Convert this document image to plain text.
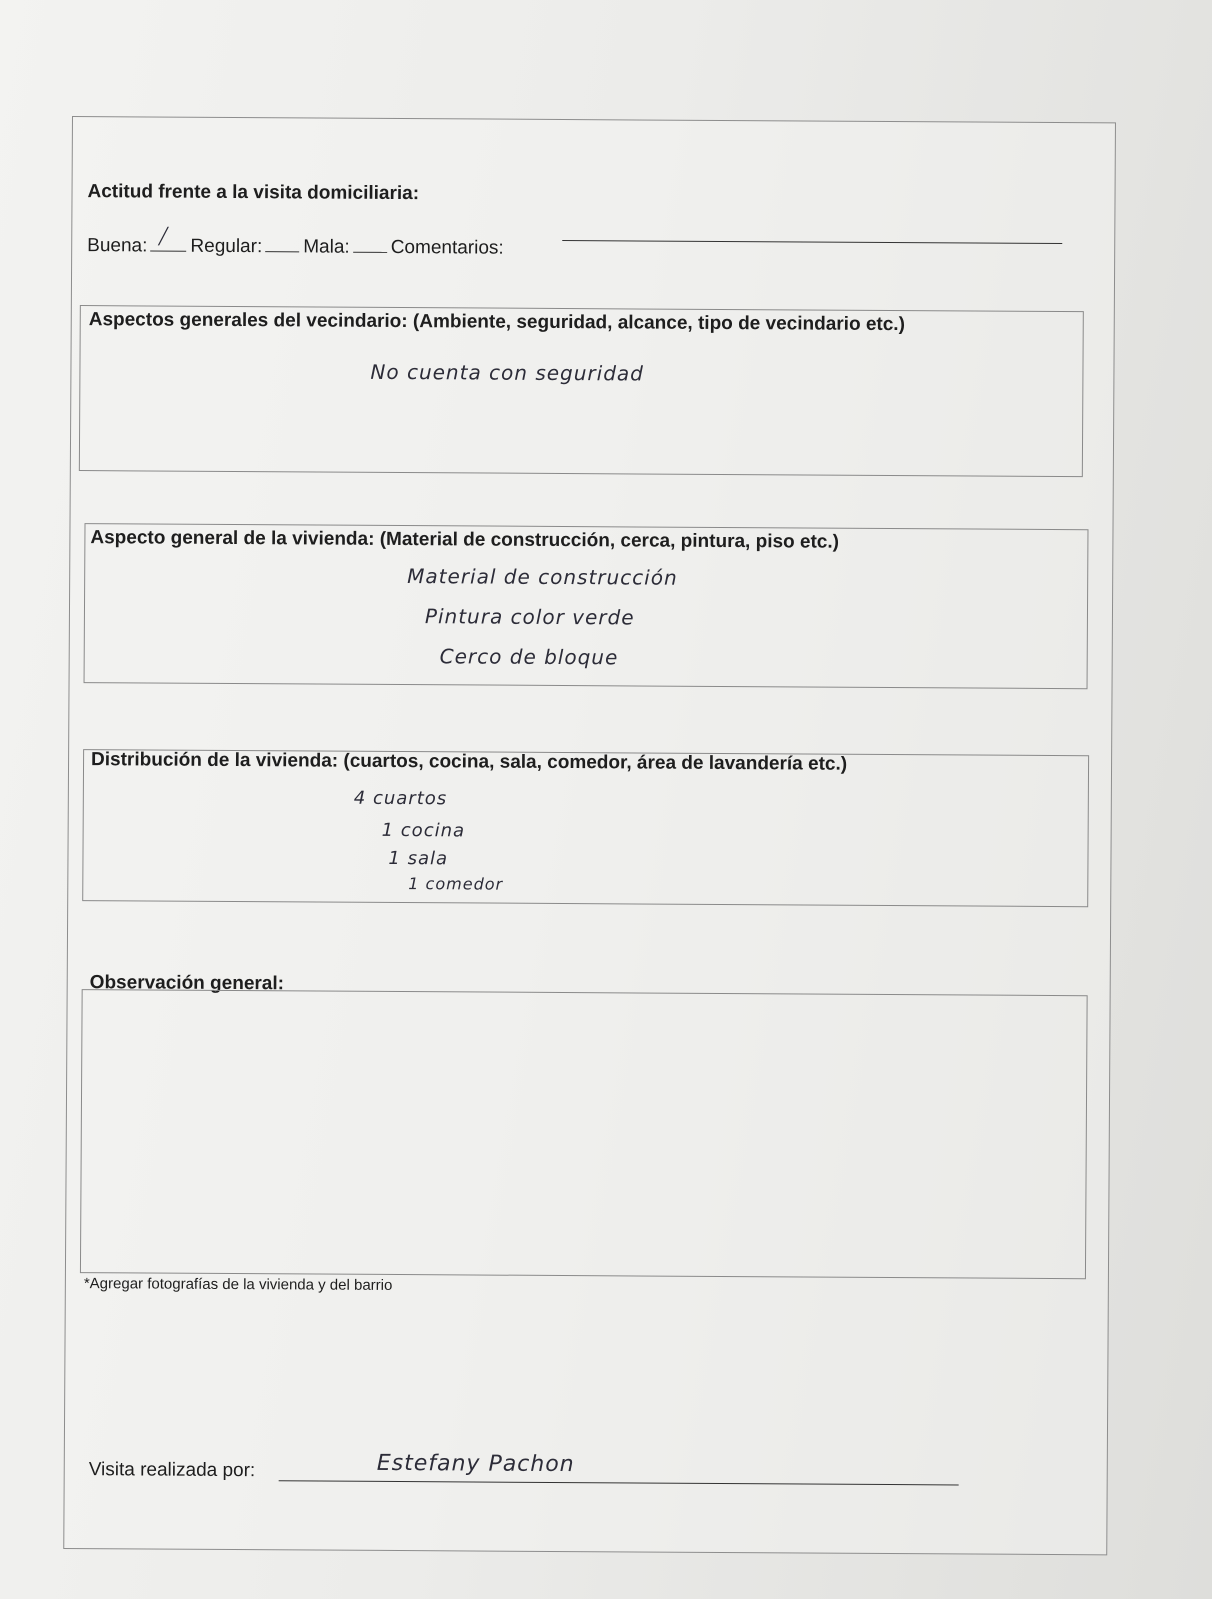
Actitud frente a la visita domiciliaria:
Buena: ╱ Regular: Mala: Comentarios:
Aspectos generales del vecindario: (Ambiente, seguridad, alcance, tipo de vecindario etc.)
No cuenta con seguridad
Aspecto general de la vivienda: (Material de construcción, cerca, pintura, piso etc.)
Material de construcción
Pintura color verde
Cerco de bloque
Distribución de la vivienda: (cuartos, cocina, sala, comedor, área de lavandería etc.)
4 cuartos
1 cocina
1 sala
1 comedor
Observación general:
*Agregar fotografías de la vivienda y del barrio
Visita realizada por:	Estefany Pachon
